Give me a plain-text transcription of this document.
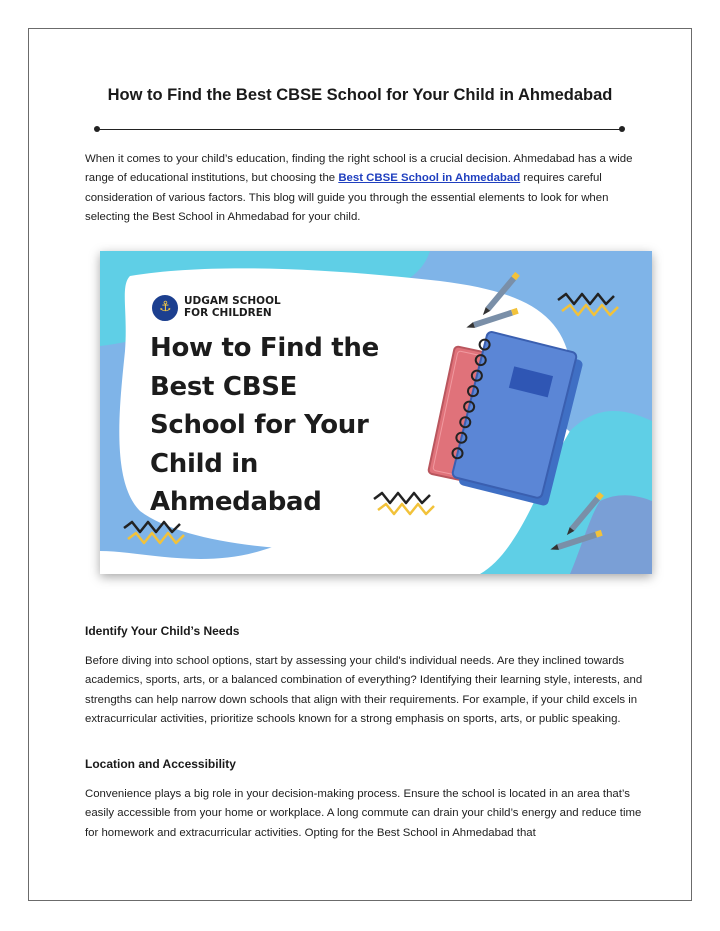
How to Find the Best CBSE School for Your Child in Ahmedabad
When it comes to your child’s education, finding the right school is a crucial decision. Ahmedabad has a wide range of educational institutions, but choosing the Best CBSE School in Ahmedabad requires careful consideration of various factors. This blog will guide you through the essential elements to look for when selecting the Best School in Ahmedabad for your child.
⚓ UDGAM SCHOOL
FOR CHILDREN
How to Find the
Best CBSE
School for Your
Child in
Ahmedabad
Identify Your Child’s Needs
Before diving into school options, start by assessing your child's individual needs. Are they inclined towards academics, sports, arts, or a balanced combination of everything? Identifying their learning style, interests, and strengths can help narrow down schools that align with their requirements. For example, if your child excels in extracurricular activities, prioritize schools known for a strong emphasis on sports, arts, or public speaking.
Location and Accessibility
Convenience plays a big role in your decision-making process. Ensure the school is located in an area that’s easily accessible from your home or workplace. A long commute can drain your child’s energy and reduce time for homework and extracurricular activities. Opting for the Best School in Ahmedabad that
